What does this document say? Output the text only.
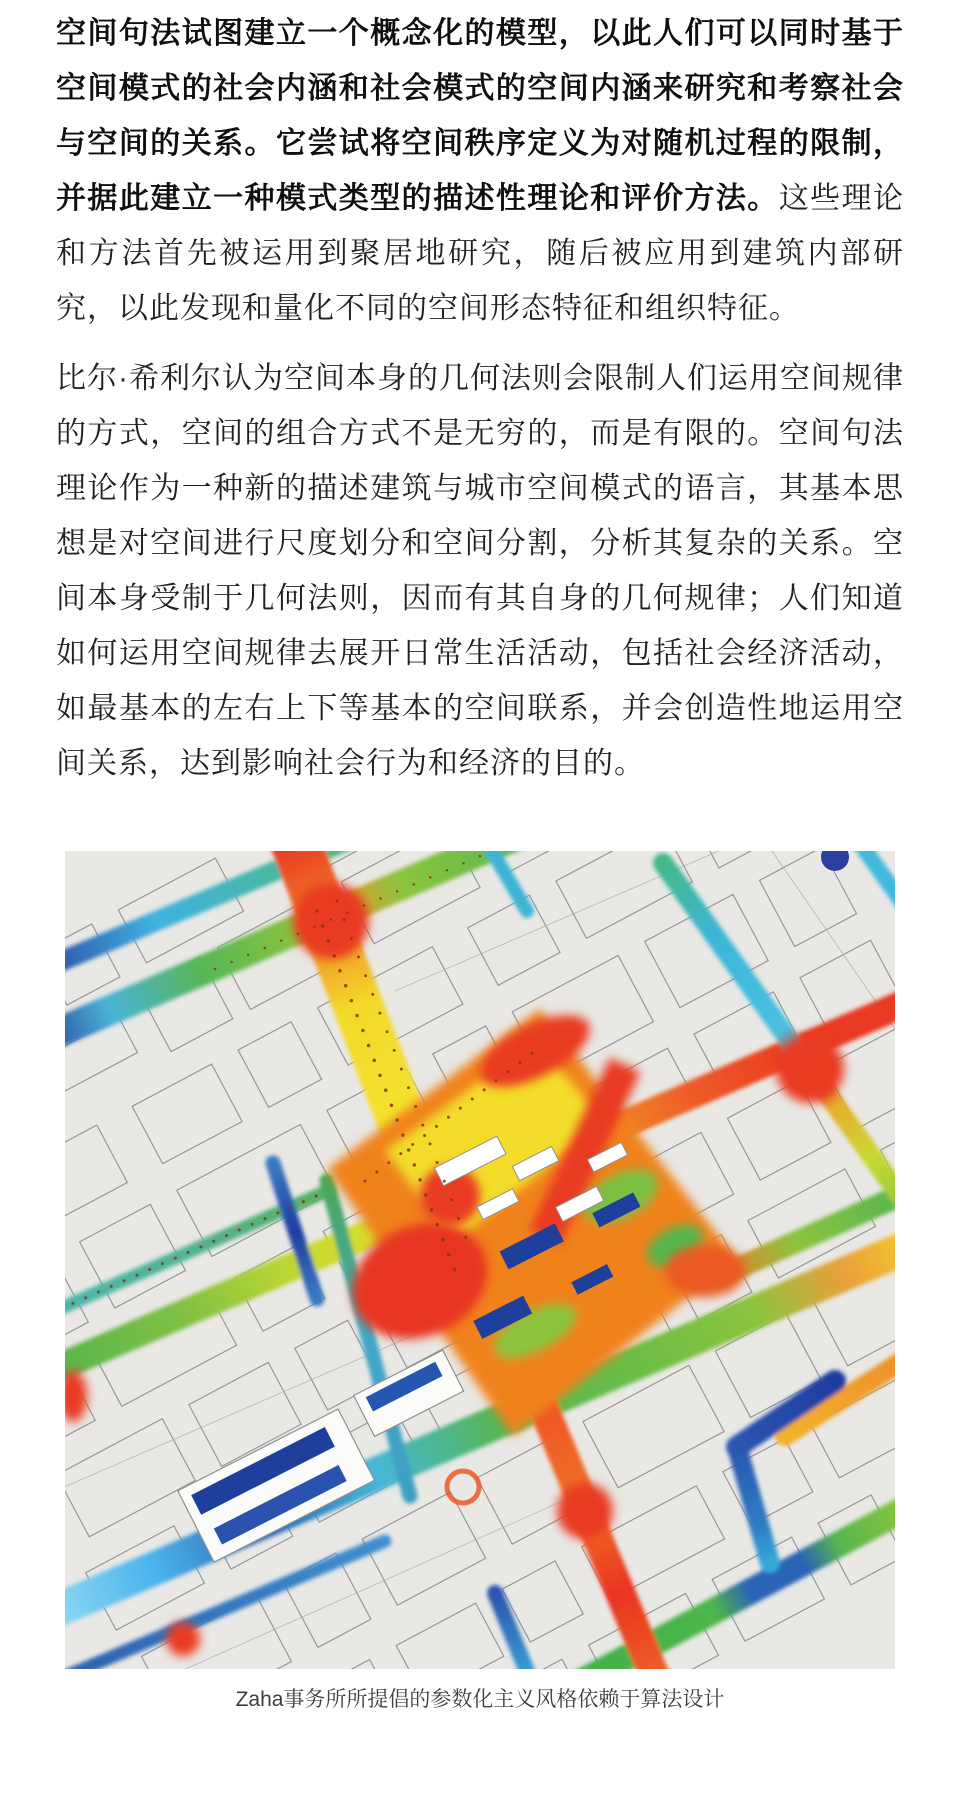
空间句法试图建立一个概念化的模型，以此人们可以同时基于空间模式的社会内涵和社会模式的空间内涵来研究和考察社会与空间的关系。它尝试将空间秩序定义为对随机过程的限制，并据此建立一种模式类型的描述性理论和评价方法。这些理论和方法首先被运用到聚居地研究，随后被应用到建筑内部研究，以此发现和量化不同的空间形态特征和组织特征。

比尔·希利尔认为空间本身的几何法则会限制人们运用空间规律的方式，空间的组合方式不是无穷的，而是有限的。空间句法理论作为一种新的描述建筑与城市空间模式的语言，其基本思想是对空间进行尺度划分和空间分割，分析其复杂的关系。空间本身受制于几何法则，因而有其自身的几何规律；人们知道如何运用空间规律去展开日常生活活动，包括社会经济活动，如最基本的左右上下等基本的空间联系，并会创造性地运用空间关系，达到影响社会行为和经济的目的。

Zaha事务所所提倡的参数化主义风格依赖于算法设计
